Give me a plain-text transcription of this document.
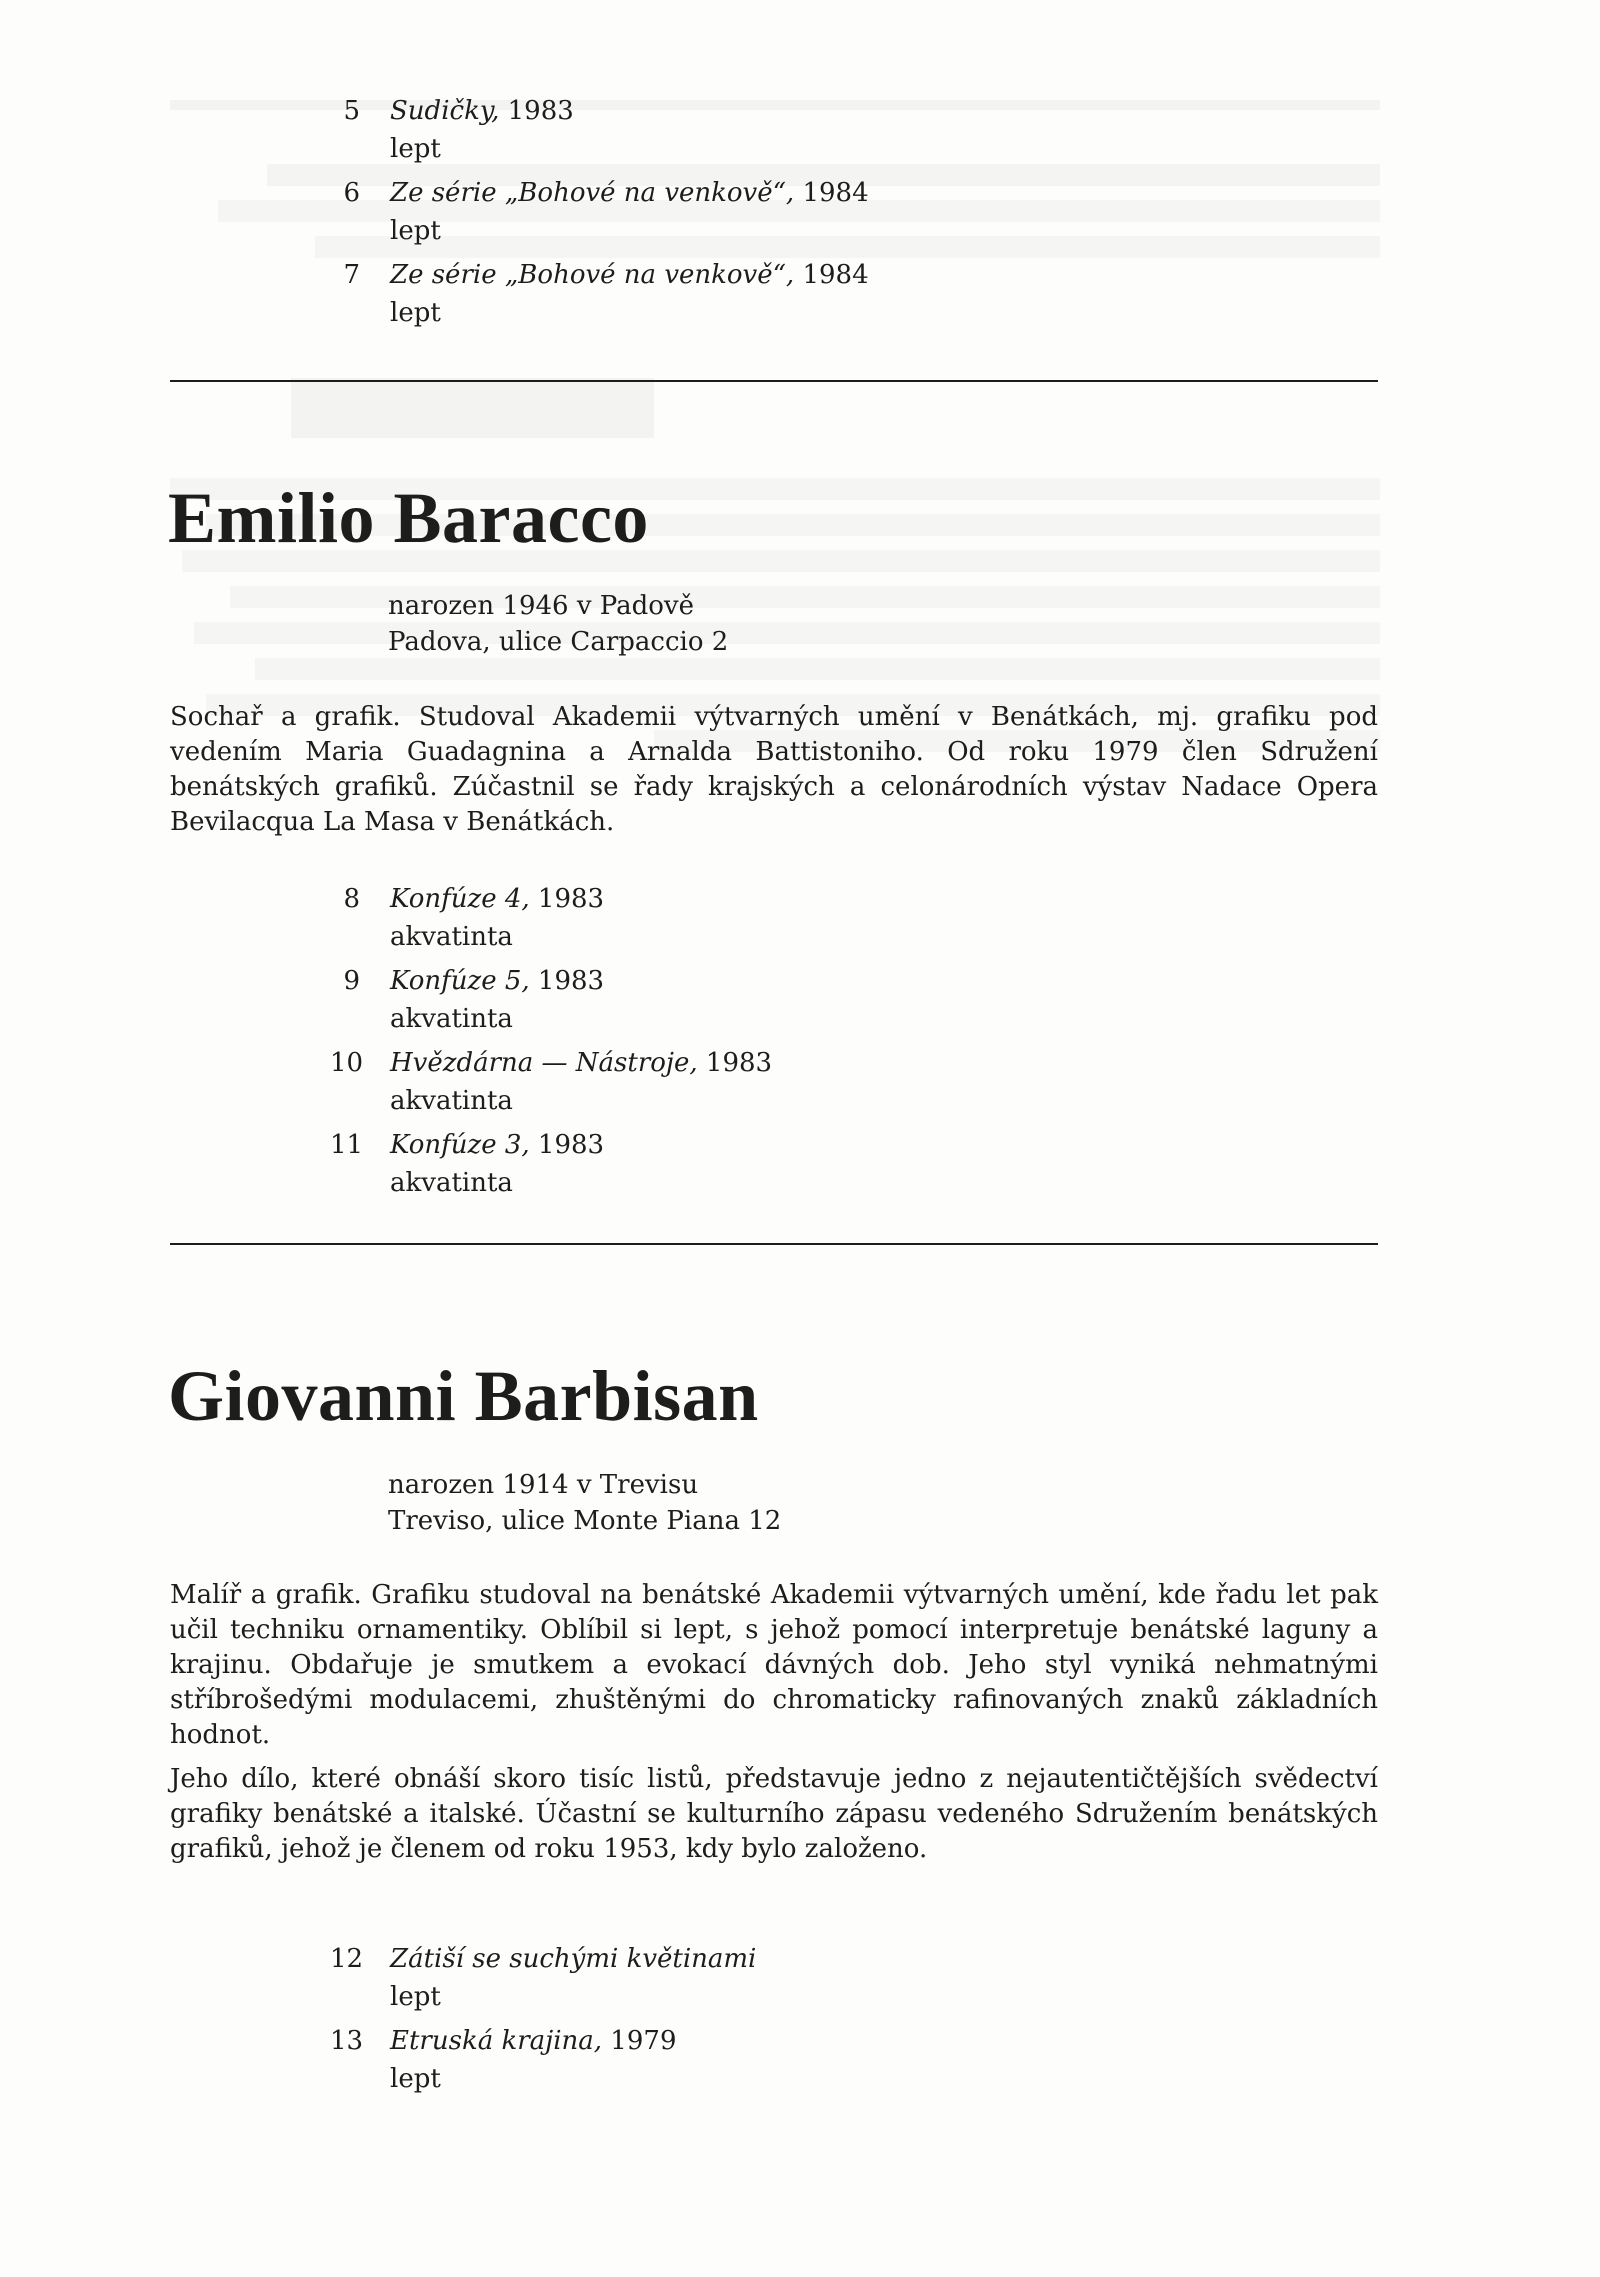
5	Sudičky, 1983
lept
6	Ze série „Bohové na venkově“, 1984
lept
7	Ze série „Bohové na venkově“, 1984
lept
Emilio Baracco
narozen 1946 v Padově
Padova, ulice Carpaccio 2

Sochař a grafik. Studoval Akademii výtvarných umění v Benátkách, mj. grafiku pod vedením Maria Guadagnina a Arnalda Battistoniho. Od roku 1979 člen Sdružení benátských grafiků. Zúčastnil se řady krajských a celonárodních výstav Nadace Opera Bevilacqua La Masa v Benátkách.

8	Konfúze 4, 1983
akvatinta
9	Konfúze 5, 1983
akvatinta
10	Hvězdárna — Nástroje, 1983
akvatinta
11	Konfúze 3, 1983
akvatinta
Giovanni Barbisan
narozen 1914 v Trevisu
Treviso, ulice Monte Piana 12

Malíř a grafik. Grafiku studoval na benátské Akademii výtvarných umění, kde řadu let pak učil techniku ornamentiky. Oblíbil si lept, s jehož pomocí interpretuje benátské laguny a krajinu. Obdařuje je smutkem a evokací dávných dob. Jeho styl vyniká nehmatnými stříbrošedými modulacemi, zhuštěnými do chromaticky rafinovaných znaků základních hodnot.

Jeho dílo, které obnáší skoro tisíc listů, představuje jedno z nejautentičtějších svědectví grafiky benátské a italské. Účastní se kulturního zápasu vedeného Sdružením benátských grafiků, jehož je členem od roku 1953, kdy bylo založeno.

12	Zátiší se suchými květinami
lept
13	Etruská krajina, 1979
lept
